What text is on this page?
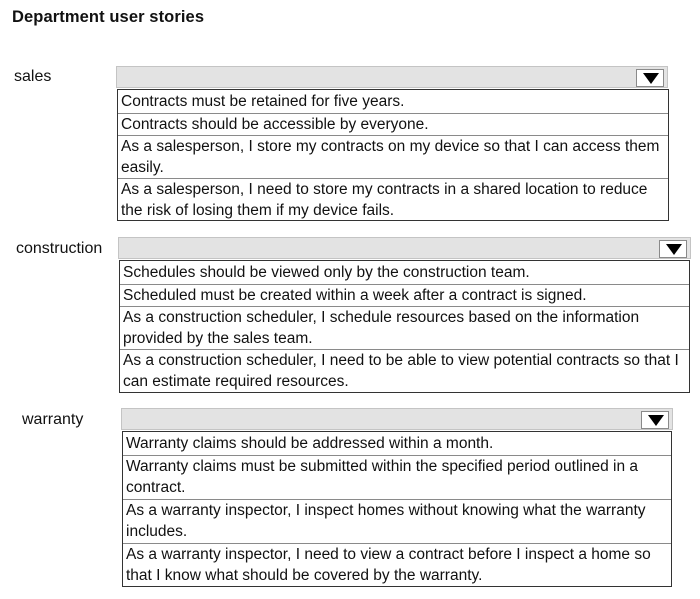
Department user stories
sales
Contracts must be retained for five years.
Contracts should be accessible by everyone.
As a salesperson, I store my contracts on my device so that I can access them easily.
As a salesperson, I need to store my contracts in a shared location to reduce the risk of losing them if my device fails.
construction
Schedules should be viewed only by the construction team.
Scheduled must be created within a week after a contract is signed.
As a construction scheduler, I schedule resources based on the information provided by the sales team.
As a construction scheduler, I need to be able to view potential contracts so that I can estimate required resources.
warranty
Warranty claims should be addressed within a month.
Warranty claims must be submitted within the specified period outlined in a contract.
As a warranty inspector, I inspect homes without knowing what the warranty includes.
As a warranty inspector, I need to view a contract before I inspect a home so that I know what should be covered by the warranty.
